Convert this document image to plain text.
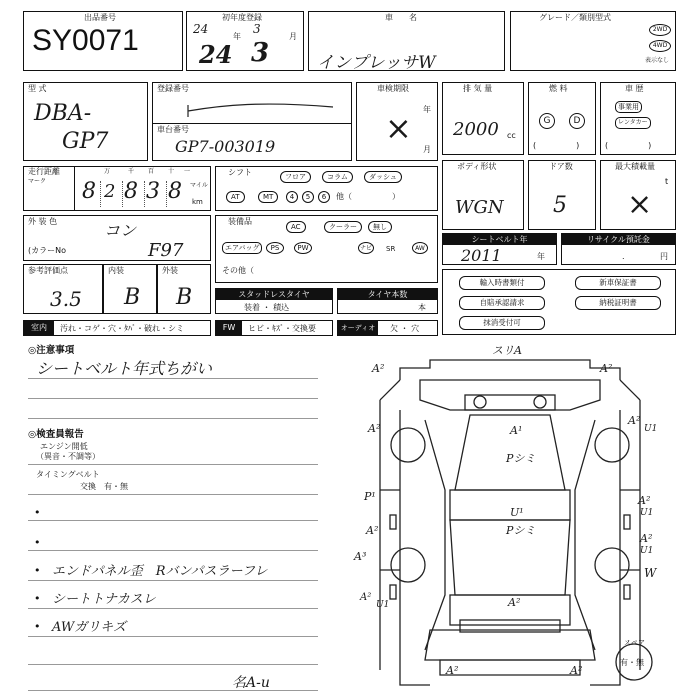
出品番号
SY0071
初年度登録
24
年
3
月
24 3
車　　名
インプレッサW
グレード／類別型式
2WD
4WD
表示なし
型 式
DBA-
GP7
登録番号
車台番号
GP7-003019
車検期限
年
月
×
排 気 量
2000 cc
燃 料
G	D
(　　　　　)
車 歴
事業用
レンタカー
(　　　　　)
走行距離
マーク
万	千 百 十 一
8 2 8 3 8 マイル
km
シフト	フロア	コラム	ダッシュ
AT	MT	4	5	6	他（　　　　　）
ボディ形状
WGN
ドア数
5
最大積載量
t
×
外 装 色	コン
(カラーNo	F97
装備品
AC	クーラー	無し
エアバッグ	PS	PW	ナビ SR	AW
その他（
シートベルト年
2011	年
リサイクル預託金
.	円
参考評価点
3.5
内装
B
外装
B	スタッドレスタイヤ
装着 ・ 積込
タイヤ本数
本
輸入時書類付	新車保証書
自賠承認請求	納税証明書
抹消受付可
室内	汚れ・コゲ・穴・ﾀﾊﾞ・破れ・シミ	FW	ヒビ・ｷｽﾞ・交換要	オーディオ	欠 ・ 穴
◎注意事項
シートベルト年式ちがい
◎検査員報告
エンジン開低
（異音・不調等）
タイミングベルト
交換　有・無
•
•
• エンドパネル歪　Rバンパスラーフレ
• シートトナカスレ
• AWガリキズ
名A-u
A²	A²
スリA
A¹
Pシミ
U¹
Pシミ
A²
P¹
A²
A³
A²
U1
A²
U1
A²
U1
A²
U1
W
A²
A²	A²
スペア
有・無
